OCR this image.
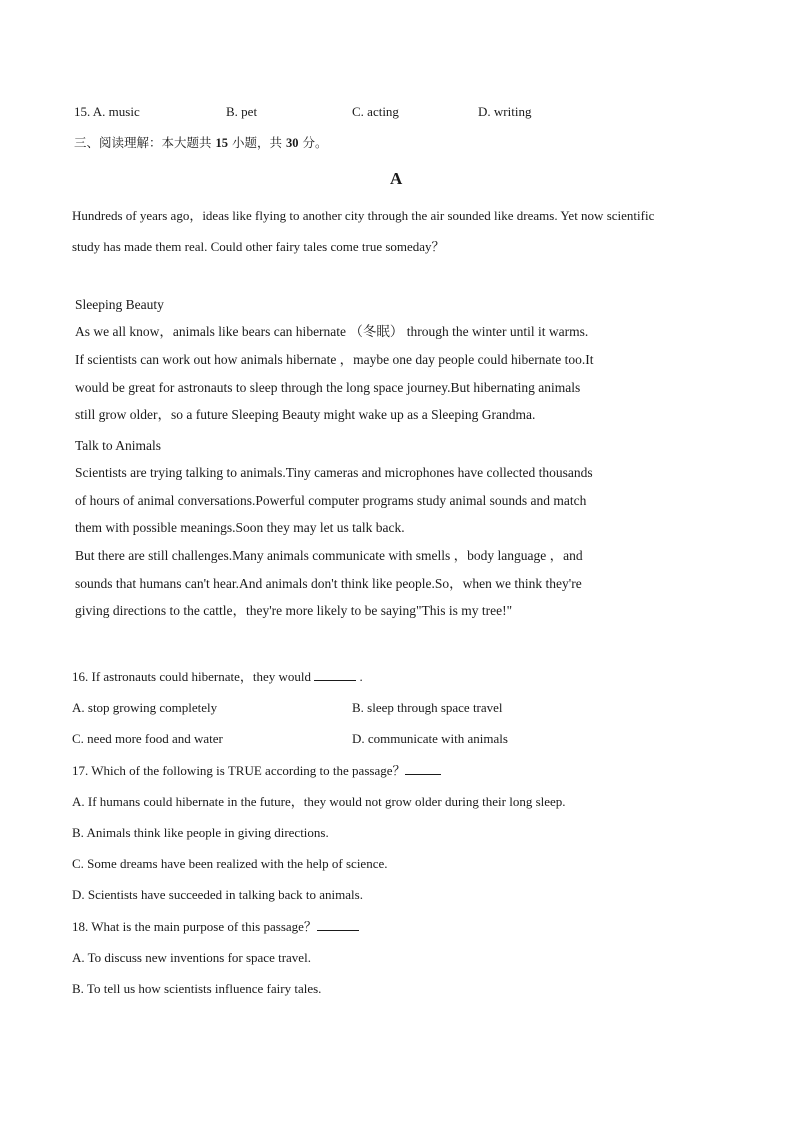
15. A. music	B. pet	C. acting	D. writing
三、阅读理解：本大题共 15 小题，共 30 分。
A
Hundreds of years ago，ideas like flying to another city through the air sounded like dreams. Yet now scientific
study has made them real. Could other fairy tales come true someday？
Sleeping Beauty
As we all know，animals like bears can hibernate （冬眠） through the winter until it warms.
If scientists can work out how animals hibernate ，maybe one day people could hibernate too.It
would be great for astronauts to sleep through the long space journey.But hibernating animals
still grow older，so a future Sleeping Beauty might wake up as a Sleeping Grandma.
Talk to Animals
Scientists are trying talking to animals.Tiny cameras and microphones have collected thousands
of hours of animal conversations.Powerful computer programs study animal sounds and match
them with possible meanings.Soon they may let us talk back.
But there are still challenges.Many animals communicate with smells ，body language ，and
sounds that humans can't hear.And animals don't think like people.So，when we think they're
giving directions to the cattle，they're more likely to be saying"This is my tree!"
16. If astronauts could hibernate，they would	.
A. stop growing completely	B. sleep through space travel
C. need more food and water	D. communicate with animals
17. Which of the following is TRUE according to the passage？
A. If humans could hibernate in the future，they would not grow older during their long sleep.
B. Animals think like people in giving directions.
C. Some dreams have been realized with the help of science.
D. Scientists have succeeded in talking back to animals.
18. What is the main purpose of this passage？
A. To discuss new inventions for space travel.
B. To tell us how scientists influence fairy tales.
